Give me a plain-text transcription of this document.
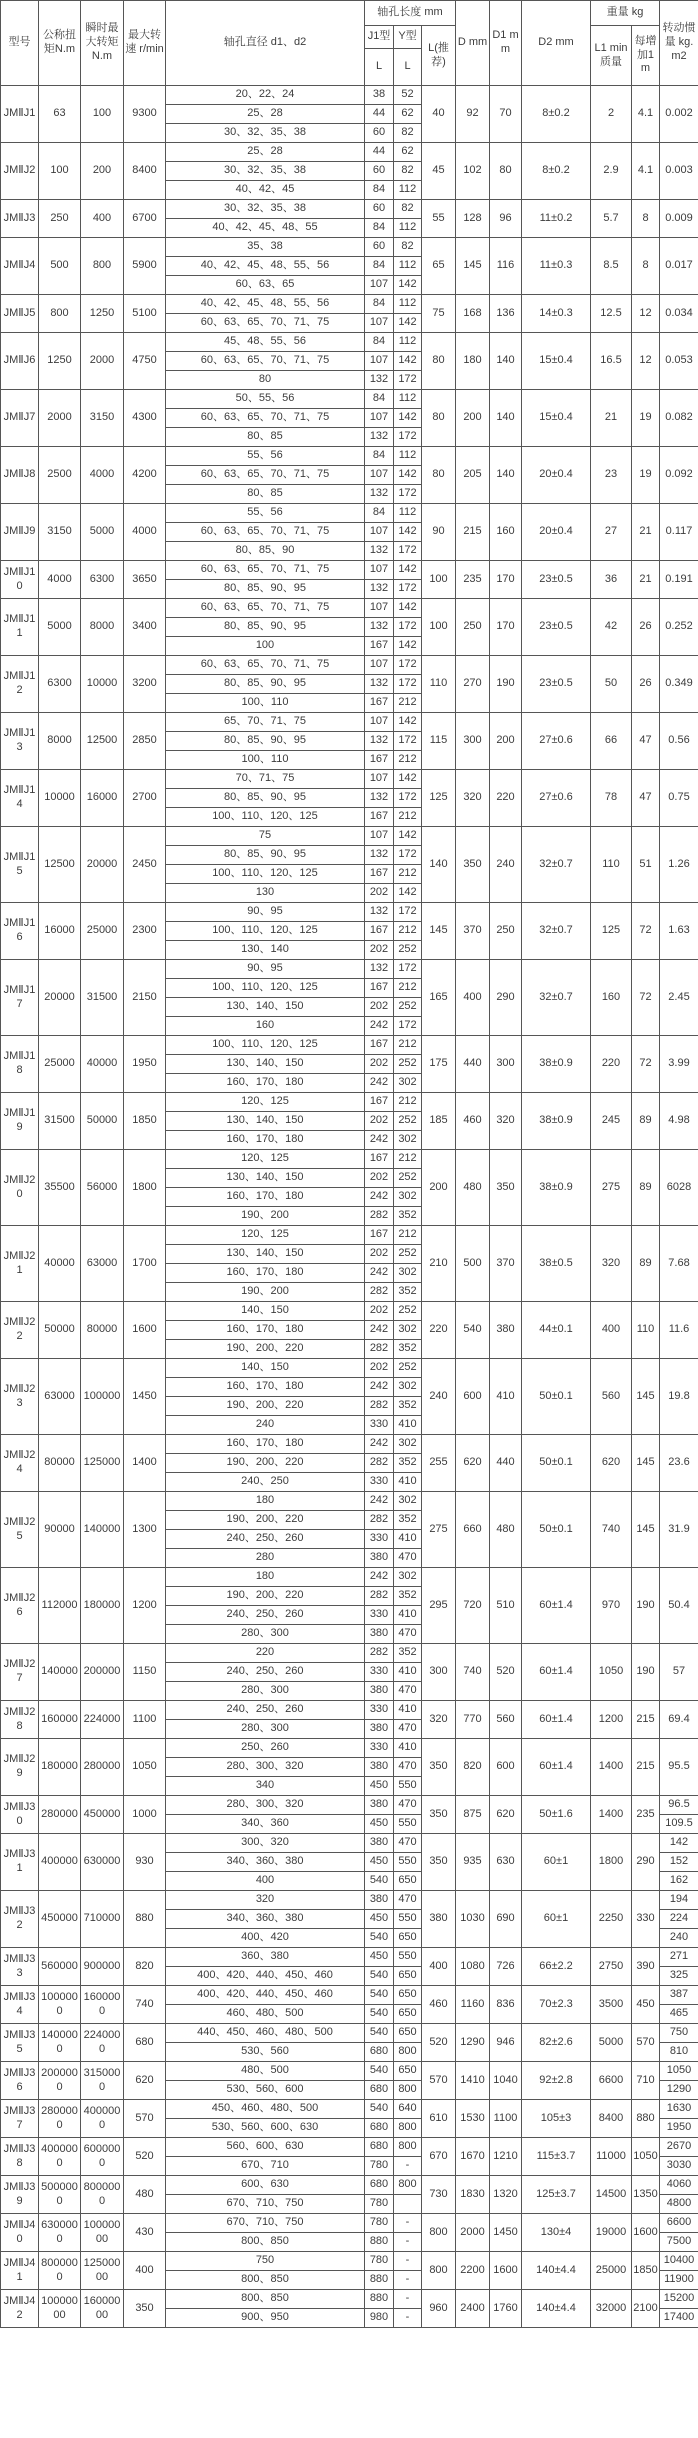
型号	公称扭矩N.m	瞬时最大转矩N.m	最大转速 r/min	轴孔直径 d1、d2	轴孔长度 mm			D mm	D1 mm	D2 mm	重量 kg		转动惯量 kg.m2
					J1型	Y型	L(推荐)				L1 min质量	每增加1m	
					L	L							
JMⅡJ1	63	100	9300	20、22、24	38	52	40	92	70	8±0.2	2	4.1	0.002
				25、28	44	62							
				30、32、35、38	60	82							
JMⅡJ2	100	200	8400	25、28	44	62	45	102	80	8±0.2	2.9	4.1	0.003
				30、32、35、38	60	82							
				40、42、45	84	112							
JMⅡJ3	250	400	6700	30、32、35、38	60	82	55	128	96	11±0.2	5.7	8	0.009
				40、42、45、48、55	84	112							
JMⅡJ4	500	800	5900	35、38	60	82	65	145	116	11±0.3	8.5	8	0.017
				40、42、45、48、55、56	84	112							
				60、63、65	107	142							
JMⅡJ5	800	1250	5100	40、42、45、48、55、56	84	112	75	168	136	14±0.3	12.5	12	0.034
				60、63、65、70、71、75	107	142							
JMⅡJ6	1250	2000	4750	45、48、55、56	84	112	80	180	140	15±0.4	16.5	12	0.053
				60、63、65、70、71、75	107	142							
				80	132	172							
JMⅡJ7	2000	3150	4300	50、55、56	84	112	80	200	140	15±0.4	21	19	0.082
				60、63、65、70、71、75	107	142							
				80、85	132	172							
JMⅡJ8	2500	4000	4200	55、56	84	112	80	205	140	20±0.4	23	19	0.092
				60、63、65、70、71、75	107	142							
				80、85	132	172							
JMⅡJ9	3150	5000	4000	55、56	84	112	90	215	160	20±0.4	27	21	0.117
				60、63、65、70、71、75	107	142							
				80、85、90	132	172							
JMⅡJ10	4000	6300	3650	60、63、65、70、71、75	107	142	100	235	170	23±0.5	36	21	0.191
				80、85、90、95	132	172							
JMⅡJ11	5000	8000	3400	60、63、65、70、71、75	107	142	100	250	170	23±0.5	42	26	0.252
				80、85、90、95	132	172							
				100	167	142							
JMⅡJ12	6300	10000	3200	60、63、65、70、71、75	107	172	110	270	190	23±0.5	50	26	0.349
				80、85、90、95	132	172							
				100、110	167	212							
JMⅡJ13	8000	12500	2850	65、70、71、75	107	142	115	300	200	27±0.6	66	47	0.56
				80、85、90、95	132	172							
				100、110	167	212							
JMⅡJ14	10000	16000	2700	70、71、75	107	142	125	320	220	27±0.6	78	47	0.75
				80、85、90、95	132	172							
				100、110、120、125	167	212							
JMⅡJ15	12500	20000	2450	75	107	142	140	350	240	32±0.7	110	51	1.26
				80、85、90、95	132	172							
				100、110、120、125	167	212							
				130	202	142							
JMⅡJ16	16000	25000	2300	90、95	132	172	145	370	250	32±0.7	125	72	1.63
				100、110、120、125	167	212							
				130、140	202	252							
JMⅡJ17	20000	31500	2150	90、95	132	172	165	400	290	32±0.7	160	72	2.45
				100、110、120、125	167	212							
				130、140、150	202	252							
				160	242	172							
JMⅡJ18	25000	40000	1950	100、110、120、125	167	212	175	440	300	38±0.9	220	72	3.99
				130、140、150	202	252							
				160、170、180	242	302							
JMⅡJ19	31500	50000	1850	120、125	167	212	185	460	320	38±0.9	245	89	4.98
				130、140、150	202	252							
				160、170、180	242	302							
JMⅡJ20	35500	56000	1800	120、125	167	212	200	480	350	38±0.9	275	89	6028
				130、140、150	202	252							
				160、170、180	242	302							
				190、200	282	352							
JMⅡJ21	40000	63000	1700	120、125	167	212	210	500	370	38±0.5	320	89	7.68
				130、140、150	202	252							
				160、170、180	242	302							
				190、200	282	352							
JMⅡJ22	50000	80000	1600	140、150	202	252	220	540	380	44±0.1	400	110	11.6
				160、170、180	242	302							
				190、200、220	282	352							
JMⅡJ23	63000	100000	1450	140、150	202	252	240	600	410	50±0.1	560	145	19.8
				160、170、180	242	302							
				190、200、220	282	352							
				240	330	410							
JMⅡJ24	80000	125000	1400	160、170、180	242	302	255	620	440	50±0.1	620	145	23.6
				190、200、220	282	352							
				240、250	330	410							
JMⅡJ25	90000	140000	1300	180	242	302	275	660	480	50±0.1	740	145	31.9
				190、200、220	282	352							
				240、250、260	330	410							
				280	380	470							
JMⅡJ26	112000	180000	1200	180	242	302	295	720	510	60±1.4	970	190	50.4
				190、200、220	282	352							
				240、250、260	330	410							
				280、300	380	470							
JMⅡJ27	140000	200000	1150	220	282	352	300	740	520	60±1.4	1050	190	57
				240、250、260	330	410							
				280、300	380	470							
JMⅡJ28	160000	224000	1100	240、250、260	330	410	320	770	560	60±1.4	1200	215	69.4
				280、300	380	470							
JMⅡJ29	180000	280000	1050	250、260	330	410	350	820	600	60±1.4	1400	215	95.5
				280、300、320	380	470							
				340	450	550							
JMⅡJ30	280000	450000	1000	280、300、320	380	470	350	875	620	50±1.6	1400	235	96.5
				340、360	450	550							109.5
JMⅡJ31	400000	630000	930	300、320	380	470	350	935	630	60±1	1800	290	142
				340、360、380	450	550							152
				400	540	650							162
JMⅡJ32	450000	710000	880	320	380	470	380	1030	690	60±1	2250	330	194
				340、360、380	450	550							224
				400、420	540	650							240
JMⅡJ33	560000	900000	820	360、380	450	550	400	1080	726	66±2.2	2750	390	271
				400、420、440、450、460	540	650							325
JMⅡJ34	1000000	1600000	740	400、420、440、450、460	540	650	460	1160	836	70±2.3	3500	450	387
				460、480、500	540	650							465
JMⅡJ35	1400000	2240000	680	440、450、460、480、500	540	650	520	1290	946	82±2.6	5000	570	750
				530、560	680	800							810
JMⅡJ36	2000000	3150000	620	480、500	540	650	570	1410	1040	92±2.8	6600	710	1050
				530、560、600	680	800							1290
JMⅡJ37	2800000	4000000	570	450、460、480、500	540	640	610	1530	1100	105±3	8400	880	1630
				530、560、600、630	680	800							1950
JMⅡJ38	4000000	6000000	520	560、600、630	680	800	670	1670	1210	115±3.7	11000	1050	2670
				670、710	780	-							3030
JMⅡJ39	5000000	8000000	480	600、630	680	800	730	1830	1320	125±3.7	14500	1350	4060
				670、710、750	780								4800
JMⅡJ40	6300000	10000000	430	670、710、750	780	-	800	2000	1450	130±4	19000	1600	6600
				800、850	880	-							7500
JMⅡJ41	8000000	12500000	400	750	780	-	800	2200	1600	140±4.4	25000	1850	10400
				800、850	880	-							11900
JMⅡJ42	10000000	16000000	350	800、850	880	-	960	2400	1760	140±4.4	32000	2100	15200
				900、950	980	-							17400
